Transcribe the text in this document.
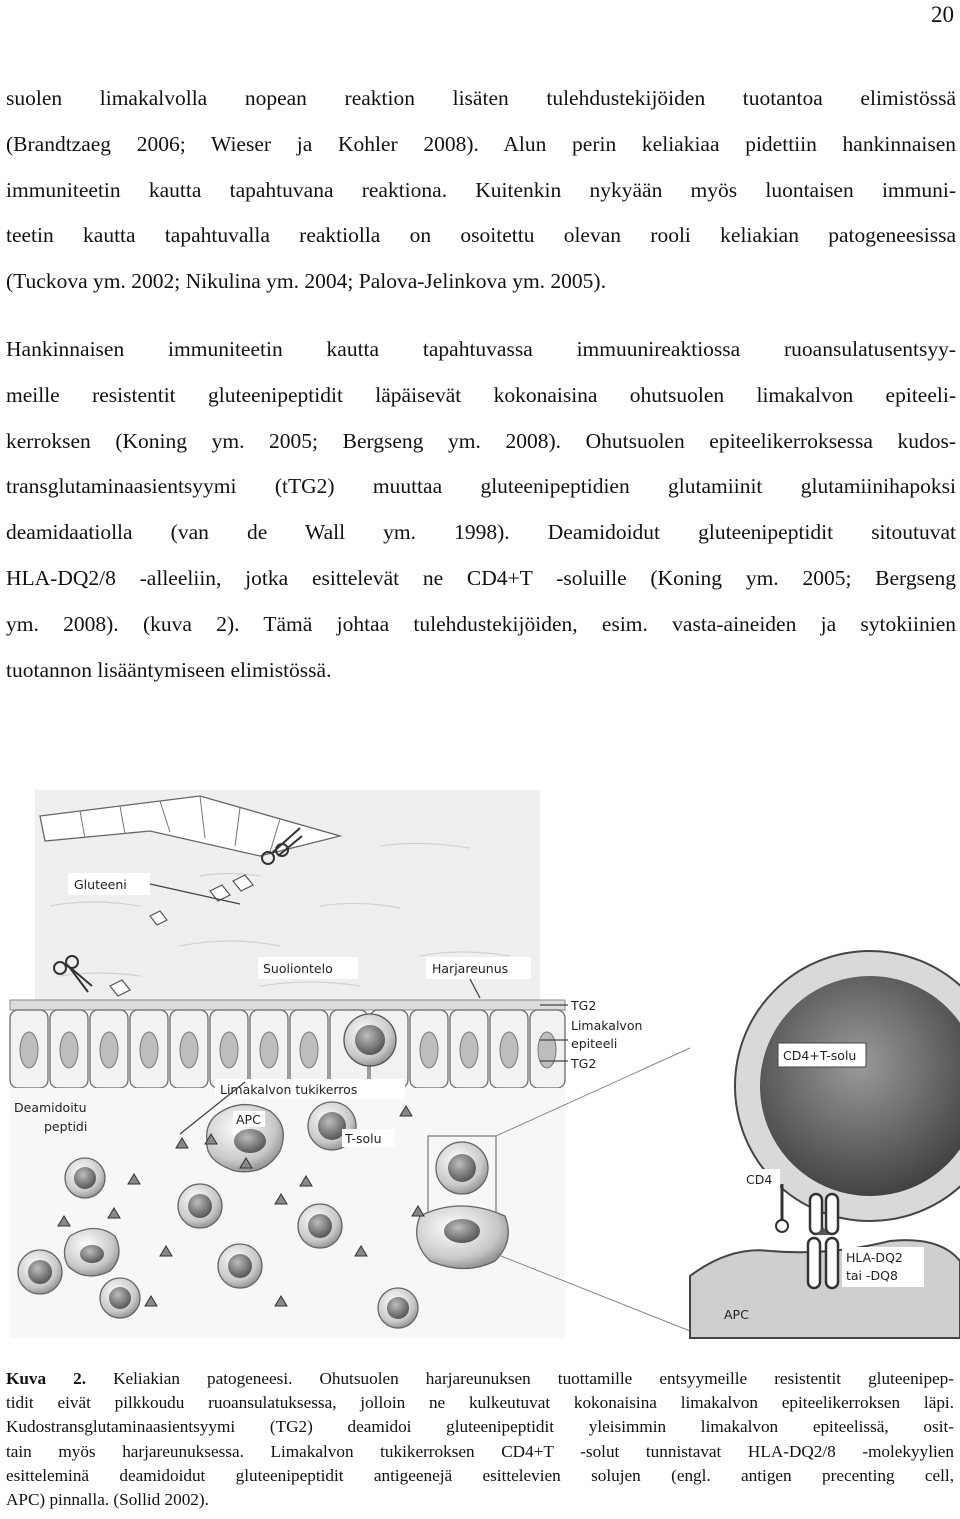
20

suolen limakalvolla nopean reaktion lisäten tulehdustekijöiden tuotantoa elimistössä
(Brandtzaeg 2006; Wieser ja Kohler 2008). Alun perin keliakiaa pidettiin hankinnaisen
immuniteetin kautta tapahtuvana reaktiona. Kuitenkin nykyään myös luontaisen immuni-
teetin kautta tapahtuvalla reaktiolla on osoitettu olevan rooli keliakian patogeneesissa
(Tuckova ym. 2002; Nikulina ym. 2004; Palova-Jelinkova ym. 2005).

Hankinnaisen immuniteetin kautta tapahtuvassa immuunireaktiossa ruoansulatusentsyy-
meille resistentit gluteenipeptidit läpäisevät kokonaisina ohutsuolen limakalvon epiteeli-
kerroksen (Koning ym. 2005; Bergseng ym. 2008). Ohutsuolen epiteelikerroksessa kudos-
transglutaminaasientsyymi (tTG2) muuttaa gluteenipeptidien glutamiinit glutamiinihapoksi
deamidaatiolla (van de Wall ym. 1998). Deamidoidut gluteenipeptidit sitoutuvat
HLA-DQ2/8 -alleeliin, jotka esittelevät ne CD4+T -soluille (Koning ym. 2005; Bergseng
ym. 2008). (kuva 2). Tämä johtaa tulehdustekijöiden, esim. vasta-aineiden ja sytokiinien
tuotannon lisääntymiseen elimistössä.

Gluteeni
Suoliontelo	Harjareunus
TG2
Limakalvon
epiteeli
TG2
Limakalvon tukikerros
Deamidoitu
peptidi	APC
T-solu
CD4+T-solu
APC
CD4
HLA-DQ2
tai -DQ8
Kuva 2. Keliakian patogeneesi. Ohutsuolen harjareunuksen tuottamille entsyymeille resistentit gluteenipep-
tidit eivät pilkkoudu ruoansulatuksessa, jolloin ne kulkeutuvat kokonaisina limakalvon epiteelikerroksen läpi.
Kudostransglutaminaasientsyymi (TG2) deamidoi gluteenipeptidit yleisimmin limakalvon epiteelissä, osit-
tain myös harjareunuksessa. Limakalvon tukikerroksen CD4+T -solut tunnistavat HLA-DQ2/8 -molekyylien
esitteleminä deamidoidut gluteenipeptidit antigeenejä esittelevien solujen (engl. antigen precenting cell,
APC) pinnalla. (Sollid 2002).
